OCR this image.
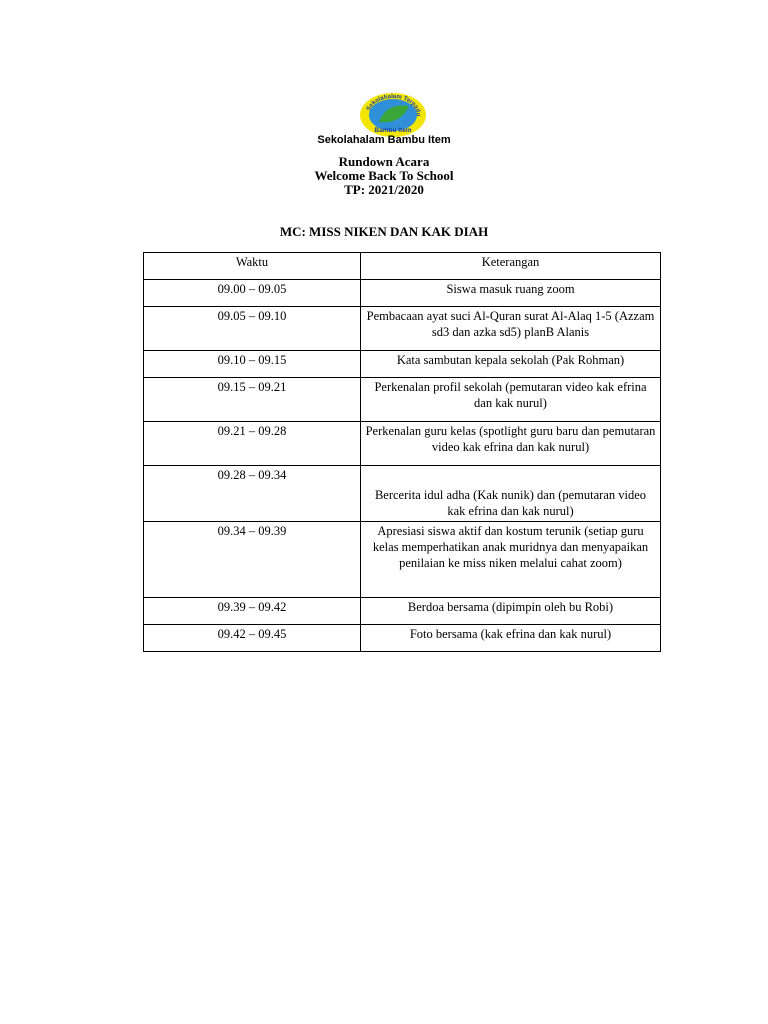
Sekolahalam Terpadu
Bambu Item
Sekolahalam Bambu Item
Rundown Acara
Welcome Back To School
TP: 2021/2020
MC: MISS NIKEN DAN KAK DIAH
Waktu	Keterangan
09.00 – 09.05	Siswa masuk ruang zoom
09.05 – 09.10	Pembacaan ayat suci Al-Quran surat Al-Alaq 1-5 (Azzam sd3 dan azka sd5) planB Alanis
09.10 – 09.15	Kata sambutan kepala sekolah (Pak Rohman)
09.15 – 09.21	Perkenalan profil sekolah (pemutaran video kak efrina dan kak nurul)
09.21 – 09.28	Perkenalan guru kelas (spotlight guru baru dan pemutaran video kak efrina dan kak nurul)
09.28 – 09.34	Bercerita idul adha (Kak nunik) dan (pemutaran video kak efrina dan kak nurul)
09.34 – 09.39	Apresiasi siswa aktif dan kostum terunik (setiap guru kelas memperhatikan anak muridnya dan menyapaikan penilaian ke miss niken melalui cahat zoom)
09.39 – 09.42	Berdoa bersama (dipimpin oleh bu Robi)
09.42 – 09.45	Foto bersama (kak efrina dan kak nurul)
